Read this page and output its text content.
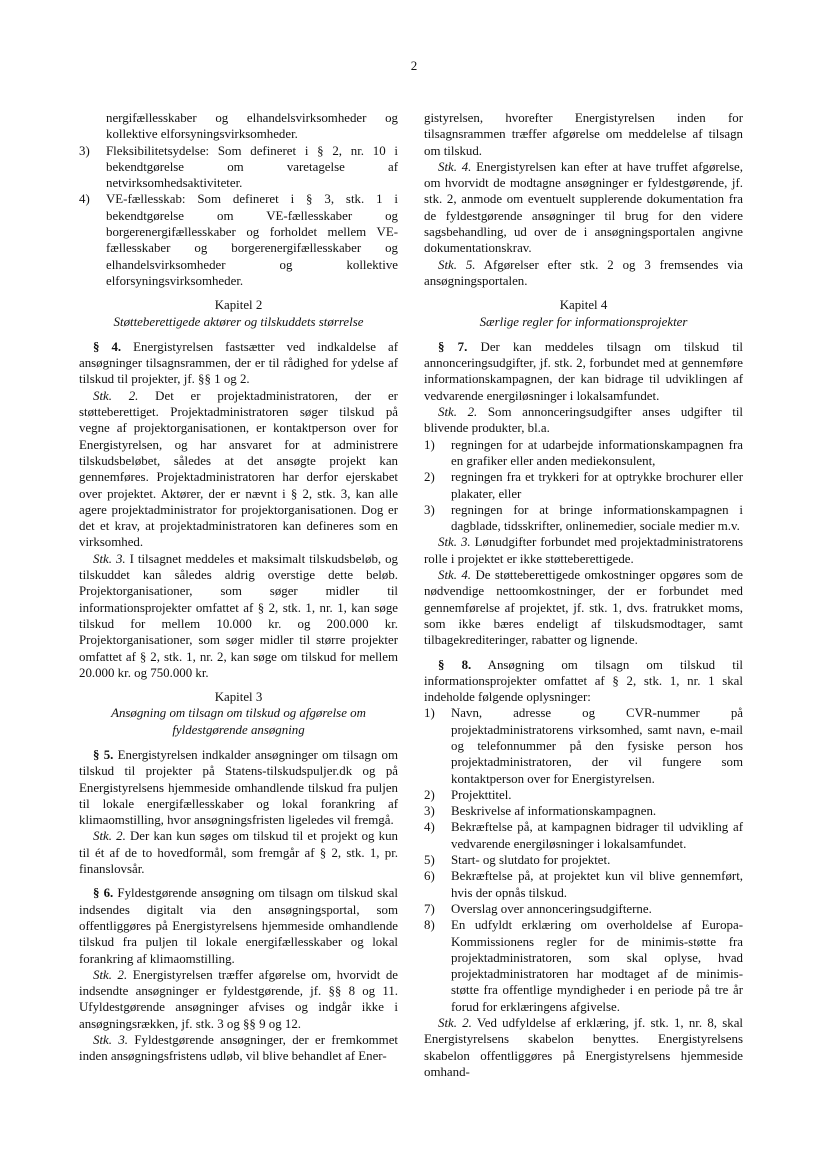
2

nergifællesskaber og elhandelsvirksomheder og kollektive elforsyningsvirksomheder.

3) Fleksibilitetsydelse: Som defineret i § 2, nr. 10 i bekendtgørelse om varetagelse af netvirksomhedsaktiviteter.

4) VE-fællesskab: Som defineret i § 3, stk. 1 i bekendtgørelse om VE-fællesskaber og borgerenergifællesskaber og forholdet mellem VE-fællesskaber og borgerenergifællesskaber og elhandelsvirksomheder og kollektive elforsyningsvirksomheder.

Kapitel 2

Støtteberettigede aktører og tilskuddets størrelse

§ 4. Energistyrelsen fastsætter ved indkaldelse af ansøgninger tilsagnsrammen, der er til rådighed for ydelse af tilskud til projekter, jf. §§ 1 og 2.

Stk. 2. Det er projektadministratoren, der er støtteberettiget. Projektadministratoren søger tilskud på vegne af projektorganisationen, er kontaktperson over for Energistyrelsen, og har ansvaret for at administrere tilskudsbeløbet, således at det ansøgte projekt kan gennemføres. Projektadministratoren har derfor ejerskabet over projektet. Aktører, der er nævnt i § 2, stk. 3, kan alle agere projektadministrator for projektorganisationen. Dog er det et krav, at projektadministratoren kan defineres som en virksomhed.

Stk. 3. I tilsagnet meddeles et maksimalt tilskudsbeløb, og tilskuddet kan således aldrig overstige dette beløb. Projektorganisationer, som søger midler til informationsprojekter omfattet af § 2, stk. 1, nr. 1, kan søge tilskud for mellem 10.000 kr. og 200.000 kr. Projektorganisationer, som søger midler til større projekter omfattet af § 2, stk. 1, nr. 2, kan søge om tilskud for mellem 20.000 kr. og 750.000 kr.

Kapitel 3

Ansøgning om tilsagn om tilskud og afgørelse om fyldestgørende ansøgning

§ 5. Energistyrelsen indkalder ansøgninger om tilsagn om tilskud til projekter på Statens-tilskudspuljer.dk og på Energistyrelsens hjemmeside omhandlende tilskud fra puljen til lokale energifællesskaber og lokal forankring af klimaomstilling, hvor ansøgningsfristen ligeledes vil fremgå.

Stk. 2. Der kan kun søges om tilskud til et projekt og kun til ét af de to hovedformål, som fremgår af § 2, stk. 1, pr. finanslovsår.

§ 6. Fyldestgørende ansøgning om tilsagn om tilskud skal indsendes digitalt via den ansøgningsportal, som offentliggøres på Energistyrelsens hjemmeside omhandlende tilskud fra puljen til lokale energifællesskaber og lokal forankring af klimaomstilling.

Stk. 2. Energistyrelsen træffer afgørelse om, hvorvidt de indsendte ansøgninger er fyldestgørende, jf. §§ 8 og 11. Ufyldestgørende ansøgninger afvises og indgår ikke i ansøgningsrækken, jf. stk. 3 og §§ 9 og 12.

Stk. 3. Fyldestgørende ansøgninger, der er fremkommet inden ansøgningsfristens udløb, vil blive behandlet af Ener-

gistyrelsen, hvorefter Energistyrelsen inden for tilsagnsrammen træffer afgørelse om meddelelse af tilsagn om tilskud.

Stk. 4. Energistyrelsen kan efter at have truffet afgørelse, om hvorvidt de modtagne ansøgninger er fyldestgørende, jf. stk. 2, anmode om eventuelt supplerende dokumentation fra de fyldestgørende ansøgninger til brug for den videre sagsbehandling, ud over de i ansøgningsportalen angivne dokumentationskrav.

Stk. 5. Afgørelser efter stk. 2 og 3 fremsendes via ansøgningsportalen.

Kapitel 4

Særlige regler for informationsprojekter

§ 7. Der kan meddeles tilsagn om tilskud til annonceringsudgifter, jf. stk. 2, forbundet med at gennemføre informationskampagnen, der kan bidrage til udviklingen af vedvarende energiløsninger i lokalsamfundet.

Stk. 2. Som annonceringsudgifter anses udgifter til blivende produkter, bl.a.

1) regningen for at udarbejde informationskampagnen fra en grafiker eller anden mediekonsulent,

2) regningen fra et trykkeri for at optrykke brochurer eller plakater, eller

3) regningen for at bringe informationskampagnen i dagblade, tidsskrifter, onlinemedier, sociale medier m.v.

Stk. 3. Lønudgifter forbundet med projektadministratorens rolle i projektet er ikke støtteberettigede.

Stk. 4. De støtteberettigede omkostninger opgøres som de nødvendige nettoomkostninger, der er forbundet med gennemførelse af projektet, jf. stk. 1, dvs. fratrukket moms, som ikke bæres endeligt af tilskudsmodtager, samt tilbagekrediteringer, rabatter og lignende.

§ 8. Ansøgning om tilsagn om tilskud til informationsprojekter omfattet af § 2, stk. 1, nr. 1 skal indeholde følgende oplysninger:

1) Navn, adresse og CVR-nummer på projektadministratorens virksomhed, samt navn, e-mail og telefonnummer på den fysiske person hos projektadministratoren, der vil fungere som kontaktperson over for Energistyrelsen.

2) Projekttitel.

3) Beskrivelse af informationskampagnen.

4) Bekræftelse på, at kampagnen bidrager til udvikling af vedvarende energiløsninger i lokalsamfundet.

5) Start- og slutdato for projektet.

6) Bekræftelse på, at projektet kun vil blive gennemført, hvis der opnås tilskud.

7) Overslag over annonceringsudgifterne.

8) En udfyldt erklæring om overholdelse af Europa-Kommissionens regler for de minimis-støtte fra projektadministratoren, som skal oplyse, hvad projektadministratoren har modtaget af de minimis-støtte fra offentlige myndigheder i en periode på tre år forud for erklæringens afgivelse.

Stk. 2. Ved udfyldelse af erklæring, jf. stk. 1, nr. 8, skal Energistyrelsens skabelon benyttes. Energistyrelsens skabelon offentliggøres på Energistyrelsens hjemmeside omhand-
